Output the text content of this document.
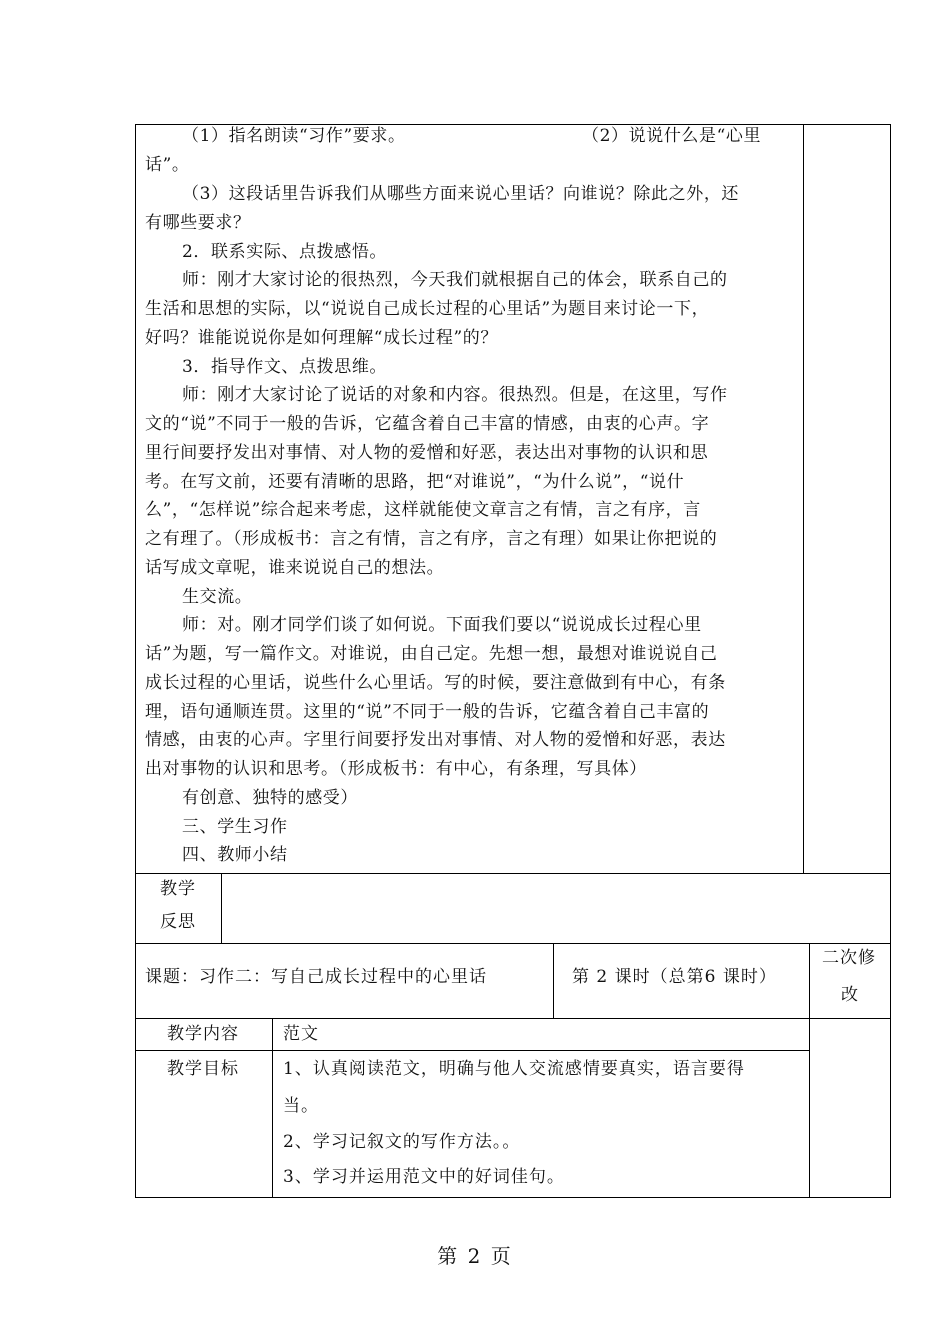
（1）指名朗读“习作”要求。	（2）说说什么是“心里
话”。
（3）这段话里告诉我们从哪些方面来说心里话？向谁说？除此之外，还
有哪些要求？
2．联系实际、点拨感悟。
师：刚才大家讨论的很热烈，今天我们就根据自己的体会，联系自己的
生活和思想的实际，以“说说自己成长过程的心里话”为题目来讨论一下，
好吗？谁能说说你是如何理解“成长过程”的？
3．指导作文、点拨思维。
师：刚才大家讨论了说话的对象和内容。很热烈。但是，在这里，写作
文的“说”不同于一般的告诉，它蕴含着自己丰富的情感，由衷的心声。字
里行间要抒发出对事情、对人物的爱憎和好恶，表达出对事物的认识和思
考。在写文前，还要有清晰的思路，把“对谁说”，“为什么说”，“说什
么”，“怎样说”综合起来考虑，这样就能使文章言之有情，言之有序，言
之有理了。（形成板书：言之有情，言之有序，言之有理）如果让你把说的
话写成文章呢，谁来说说自己的想法。
生交流。
师：对。刚才同学们谈了如何说。下面我们要以“说说成长过程心里
话”为题，写一篇作文。对谁说，由自己定。先想一想，最想对谁说说自己
成长过程的心里话，说些什么心里话。写的时候，要注意做到有中心，有条
理，语句通顺连贯。这里的“说”不同于一般的告诉，它蕴含着自己丰富的
情感，由衷的心声。字里行间要抒发出对事情、对人物的爱憎和好恶，表达
出对事物的认识和思考。（形成板书：有中心，有条理，写具体）
有创意、独特的感受）
三、学生习作
四、教师小结
教学
反思
课题：习作二：写自己成长过程中的心里话	第 2 课时（总第6 课时）
二次修
改
教学内容	范文
教学目标	1、认真阅读范文，明确与他人交流感情要真实，语言要得
当。
2、学习记叙文的写作方法。。
3、学习并运用范文中的好词佳句。
第 2 页
